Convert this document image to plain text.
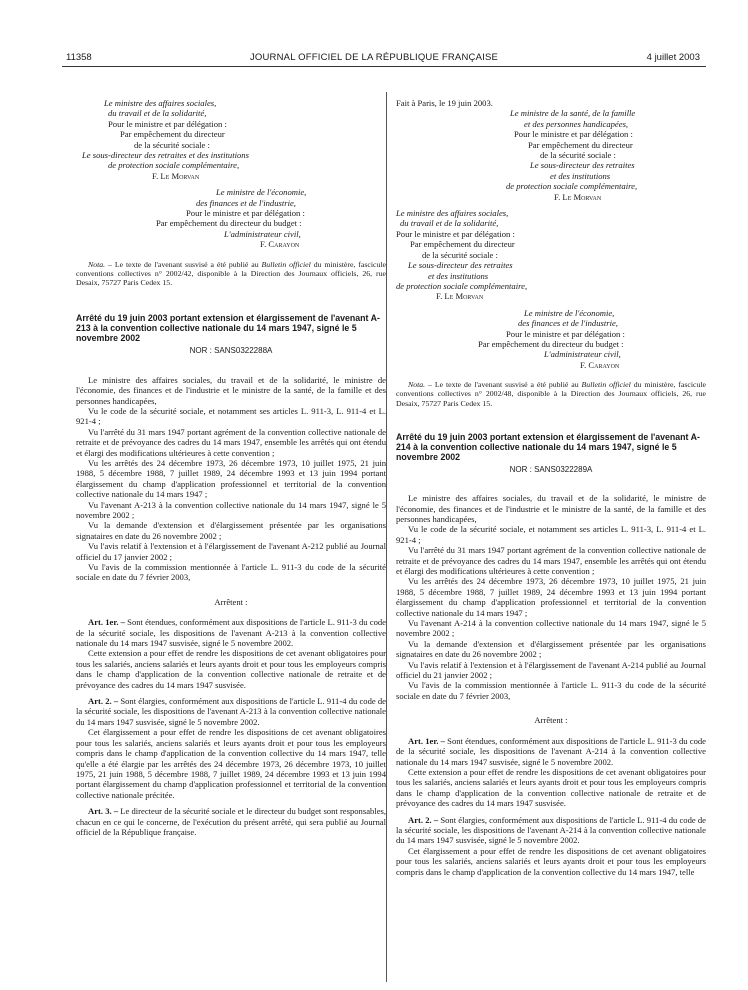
11358	JOURNAL OFFICIEL DE LA RÉPUBLIQUE FRANÇAISE	4 juillet 2003

Le ministre des affaires sociales,

du travail et de la solidarité,

Pour le ministre et par délégation :

Par empêchement du directeur

de la sécurité sociale :

Le sous-directeur des retraites et des institutions

de protection sociale complémentaire,

F. Le Morvan

Le ministre de l'économie,

des finances et de l'industrie,

Pour le ministre et par délégation :

Par empêchement du directeur du budget :

L'administrateur civil,

F. Carayon

Nota. – Le texte de l'avenant susvisé a été publié au Bulletin officiel du ministère, fascicule conventions collectives n° 2002/42, disponible à la Direction des Journaux officiels, 26, rue Desaix, 75727 Paris Cedex 15.

Arrêté du 19 juin 2003 portant extension et élargissement de l'avenant A-213 à la convention collective nationale du 14 mars 1947, signé le 5 novembre 2002
NOR : SANS0322288A

Le ministre des affaires sociales, du travail et de la solidarité, le ministre de l'économie, des finances et de l'industrie et le ministre de la santé, de la famille et des personnes handicapées,

Vu le code de la sécurité sociale, et notamment ses articles L. 911-3, L. 911-4 et L. 921-4 ;

Vu l'arrêté du 31 mars 1947 portant agrément de la convention collective nationale de retraite et de prévoyance des cadres du 14 mars 1947, ensemble les arrêtés qui ont étendu et élargi des modifications ultérieures à cette convention ;

Vu les arrêtés des 24 décembre 1973, 26 décembre 1973, 10 juillet 1975, 21 juin 1988, 5 décembre 1988, 7 juillet 1989, 24 décembre 1993 et 13 juin 1994 portant élargissement du champ d'application professionnel et territorial de la convention collective nationale du 14 mars 1947 ;

Vu l'avenant A-213 à la convention collective nationale du 14 mars 1947, signé le 5 novembre 2002 ;

Vu la demande d'extension et d'élargissement présentée par les organisations signataires en date du 26 novembre 2002 ;

Vu l'avis relatif à l'extension et à l'élargissement de l'avenant A-212 publié au Journal officiel du 17 janvier 2002 ;

Vu l'avis de la commission mentionnée à l'article L. 911-3 du code de la sécurité sociale en date du 7 février 2003,

Arrêtent :

Art. 1er. – Sont étendues, conformément aux dispositions de l'article L. 911-3 du code de la sécurité sociale, les dispositions de l'avenant A-213 à la convention collective nationale du 14 mars 1947 susvisée, signé le 5 novembre 2002.

Cette extension a pour effet de rendre les dispositions de cet avenant obligatoires pour tous les salariés, anciens salariés et leurs ayants droit et pour tous les employeurs compris dans le champ d'application de la convention collective nationale de retraite et de prévoyance des cadres du 14 mars 1947 susvisée.

Art. 2. – Sont élargies, conformément aux dispositions de l'article L. 911-4 du code de la sécurité sociale, les dispositions de l'avenant A-213 à la convention collective nationale du 14 mars 1947 susvisée, signé le 5 novembre 2002.

Cet élargissement a pour effet de rendre les dispositions de cet avenant obligatoires pour tous les salariés, anciens salariés et leurs ayants droit et pour tous les employeurs compris dans le champ d'application de la convention collective du 14 mars 1947, telle qu'elle a été élargie par les arrêtés des 24 décembre 1973, 26 décembre 1973, 10 juillet 1975, 21 juin 1988, 5 décembre 1988, 7 juillet 1989, 24 décembre 1993 et 13 juin 1994 portant élargissement du champ d'application professionnel et territorial de la convention collective nationale précitée.

Art. 3. – Le directeur de la sécurité sociale et le directeur du budget sont responsables, chacun en ce qui le concerne, de l'exécution du présent arrêté, qui sera publié au Journal officiel de la République française.

Fait à Paris, le 19 juin 2003.

Le ministre de la santé, de la famille

et des personnes handicapées,

Pour le ministre et par délégation :

Par empêchement du directeur

de la sécurité sociale :

Le sous-directeur des retraites

et des institutions

de protection sociale complémentaire,

F. Le Morvan

Le ministre des affaires sociales,

du travail et de la solidarité,

Pour le ministre et par délégation :

Par empêchement du directeur

de la sécurité sociale :

Le sous-directeur des retraites

et des institutions

de protection sociale complémentaire,

F. Le Morvan

Le ministre de l'économie,

des finances et de l'industrie,

Pour le ministre et par délégation :

Par empêchement du directeur du budget :

L'administrateur civil,

F. Carayon

Nota. – Le texte de l'avenant susvisé a été publié au Bulletin officiel du ministère, fascicule conventions collectives n° 2002/48, disponible à la Direction des Journaux officiels, 26, rue Desaix, 75727 Paris Cedex 15.

Arrêté du 19 juin 2003 portant extension et élargissement de l'avenant A-214 à la convention collective nationale du 14 mars 1947, signé le 5 novembre 2002
NOR : SANS0322289A

Le ministre des affaires sociales, du travail et de la solidarité, le ministre de l'économie, des finances et de l'industrie et le ministre de la santé, de la famille et des personnes handicapées,

Vu le code de la sécurité sociale, et notamment ses articles L. 911-3, L. 911-4 et L. 921-4 ;

Vu l'arrêté du 31 mars 1947 portant agrément de la convention collective nationale de retraite et de prévoyance des cadres du 14 mars 1947, ensemble les arrêtés qui ont étendu et élargi des modifications ultérieures à cette convention ;

Vu les arrêtés des 24 décembre 1973, 26 décembre 1973, 10 juillet 1975, 21 juin 1988, 5 décembre 1988, 7 juillet 1989, 24 décembre 1993 et 13 juin 1994 portant élargissement du champ d'application professionnel et territorial de la convention collective nationale du 14 mars 1947 ;

Vu l'avenant A-214 à la convention collective nationale du 14 mars 1947, signé le 5 novembre 2002 ;

Vu la demande d'extension et d'élargissement présentée par les organisations signataires en date du 26 novembre 2002 ;

Vu l'avis relatif à l'extension et à l'élargissement de l'avenant A-214 publié au Journal officiel du 21 janvier 2002 ;

Vu l'avis de la commission mentionnée à l'article L. 911-3 du code de la sécurité sociale en date du 7 février 2003,

Arrêtent :

Art. 1er. – Sont étendues, conformément aux dispositions de l'article L. 911-3 du code de la sécurité sociale, les dispositions de l'avenant A-214 à la convention collective nationale du 14 mars 1947 susvisée, signé le 5 novembre 2002.

Cette extension a pour effet de rendre les dispositions de cet avenant obligatoires pour tous les salariés, anciens salariés et leurs ayants droit et pour tous les employeurs compris dans le champ d'application de la convention collective nationale de retraite et de prévoyance des cadres du 14 mars 1947 susvisée.

Art. 2. – Sont élargies, conformément aux dispositions de l'article L. 911-4 du code de la sécurité sociale, les dispositions de l'avenant A-214 à la convention collective nationale du 14 mars 1947 susvisée, signé le 5 novembre 2002.

Cet élargissement a pour effet de rendre les dispositions de cet avenant obligatoires pour tous les salariés, anciens salariés et leurs ayants droit et pour tous les employeurs compris dans le champ d'application de la convention collective du 14 mars 1947, telle
